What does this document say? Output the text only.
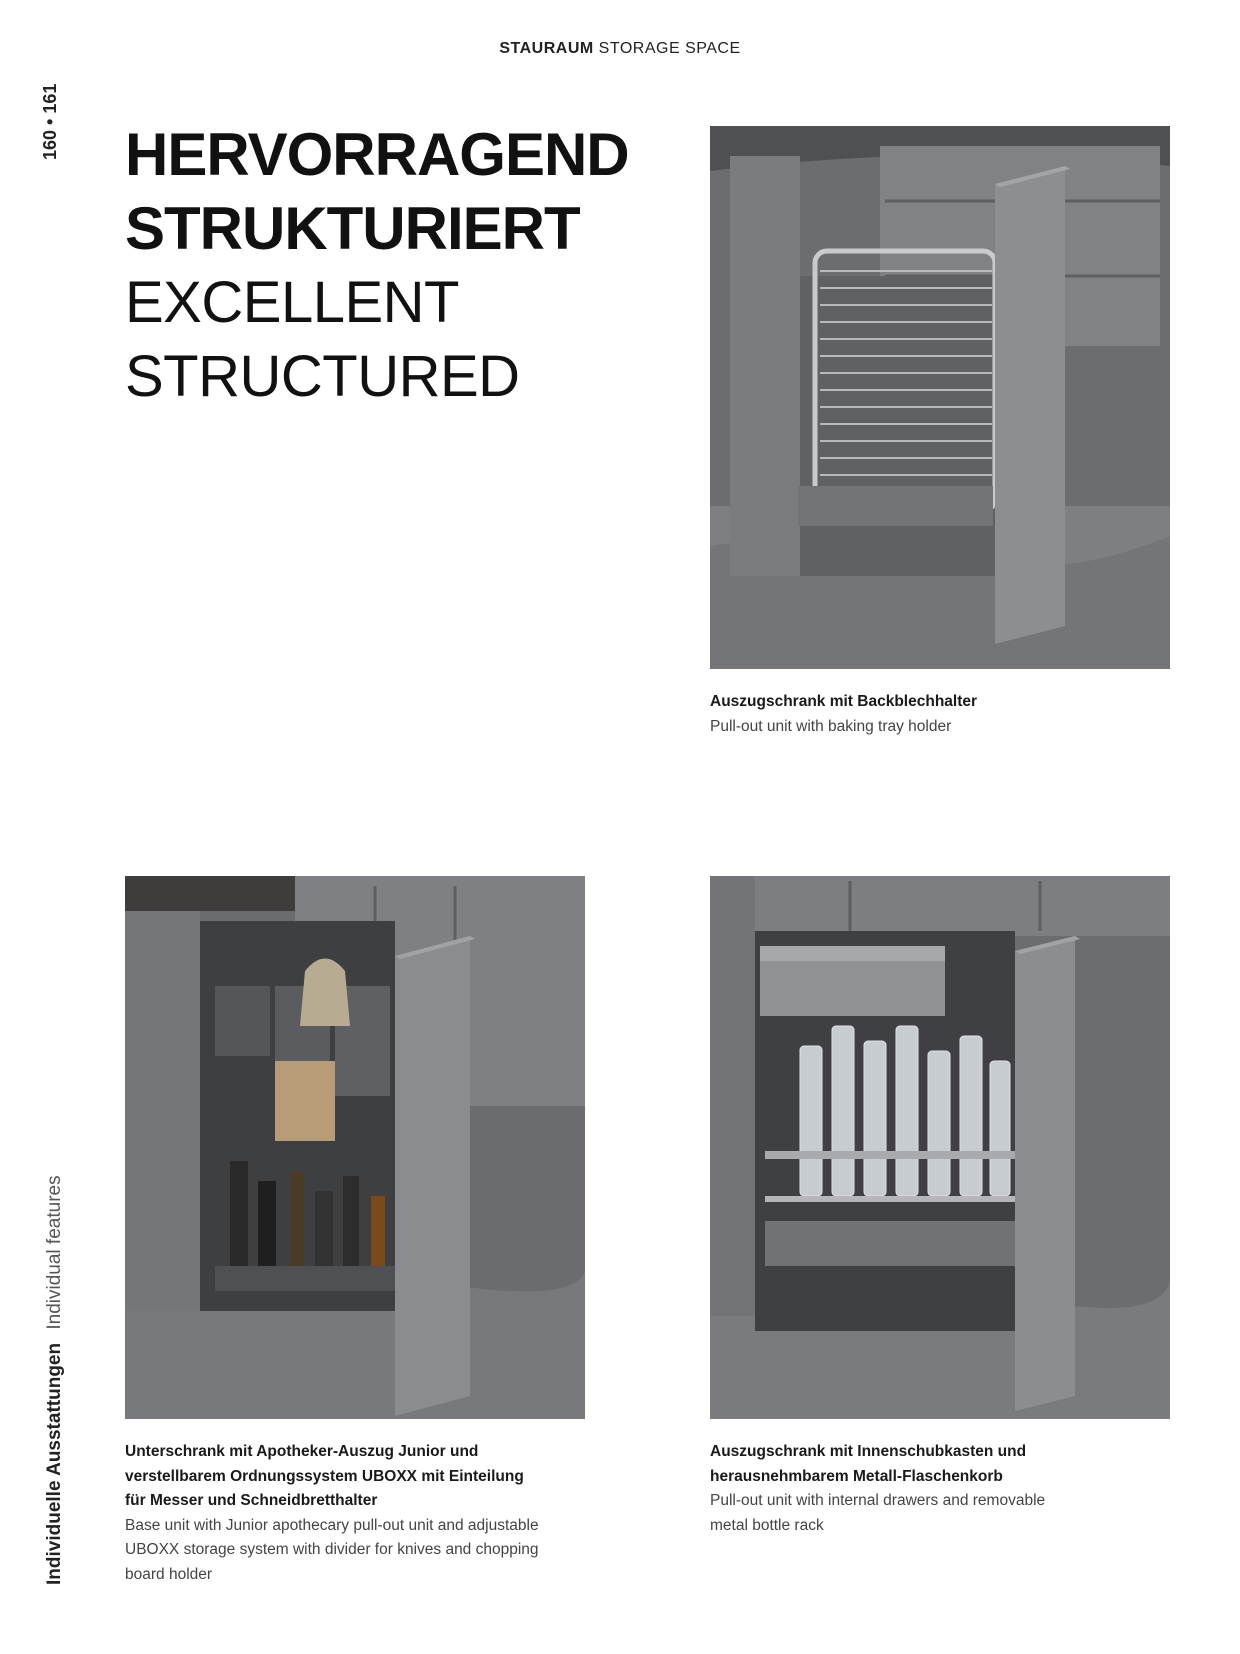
STAURAUM STORAGE SPACE
160 • 161
Individuelle Ausstattungen Individual features
HERVORRAGEND
STRUKTURIERT
EXCELLENT
STRUCTURED
Auszugschrank mit Backblechhalter
Pull-out unit with baking tray holder
Unterschrank mit Apotheker-Auszug Junior und
verstellbarem Ordnungssystem UBOXX mit Einteilung
für Messer und Schneidbretthalter
Base unit with Junior apothecary pull-out unit and adjustable
UBOXX storage system with divider for knives and chopping
board holder
Auszugschrank mit Innenschubkasten und
herausnehmbarem Metall-Flaschenkorb
Pull-out unit with internal drawers and removable
metal bottle rack
